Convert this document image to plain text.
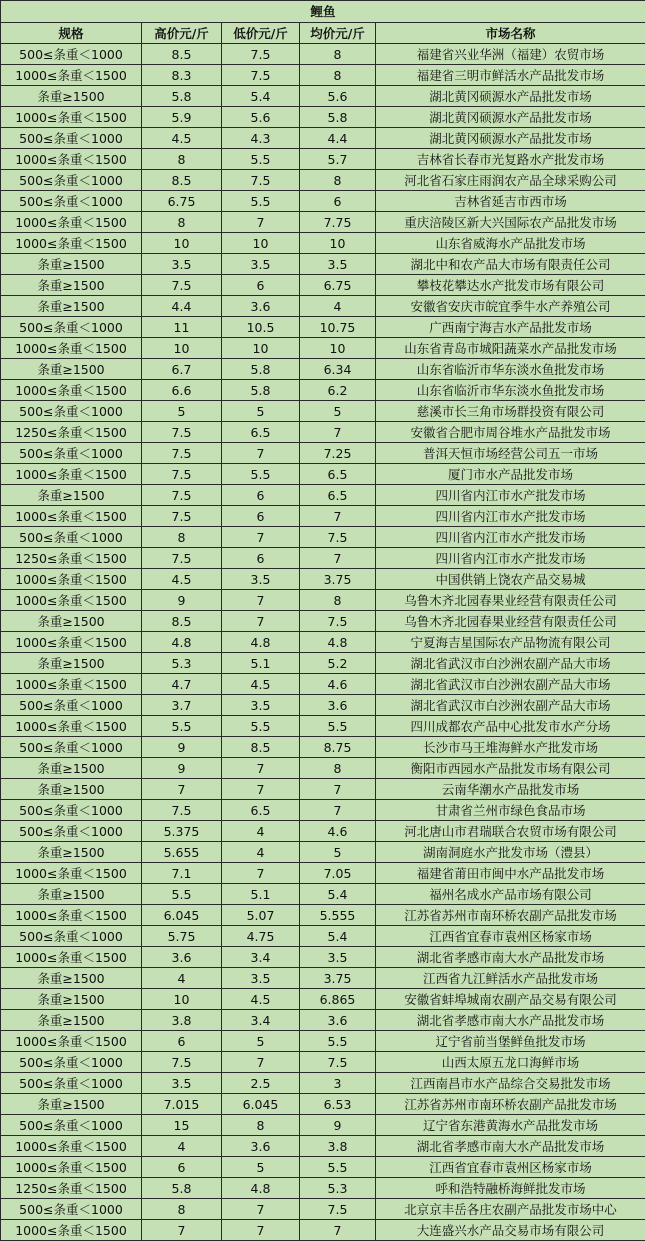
鲤鱼				
规格	高价元/斤	低价元/斤	均价元/斤	市场名称
500≤条重＜1000	8.5	7.5	8	福建省兴业华洲（福建）农贸市场
1000≤条重＜1500	8.3	7.5	8	福建省三明市鲜活水产品批发市场
条重≥1500	5.8	5.4	5.6	湖北黄冈硕源水产品批发市场
1000≤条重＜1500	5.9	5.6	5.8	湖北黄冈硕源水产品批发市场
500≤条重＜1000	4.5	4.3	4.4	湖北黄冈硕源水产品批发市场
1000≤条重＜1500	8	5.5	5.7	吉林省长春市光复路水产批发市场
500≤条重＜1000	8.5	7.5	8	河北省石家庄雨润农产品全球采购公司
500≤条重＜1000	6.75	5.5	6	吉林省延吉市西市场
1000≤条重＜1500	8	7	7.75	重庆涪陵区新大兴国际农产品批发市场
1000≤条重＜1500	10	10	10	山东省威海水产品批发市场
条重≥1500	3.5	3.5	3.5	湖北中和农产品大市场有限责任公司
条重≥1500	7.5	6	6.75	攀枝花攀达水产批发市场有限公司
条重≥1500	4.4	3.6	4	安徽省安庆市皖宜季牛水产养殖公司
500≤条重＜1000	11	10.5	10.75	广西南宁海吉水产品批发市场
1000≤条重＜1500	10	10	10	山东省青岛市城阳蔬菜水产品批发市场
条重≥1500	6.7	5.8	6.34	山东省临沂市华东淡水鱼批发市场
1000≤条重＜1500	6.6	5.8	6.2	山东省临沂市华东淡水鱼批发市场
500≤条重＜1000	5	5	5	慈溪市长三角市场群投资有限公司
1250≤条重＜1500	7.5	6.5	7	安徽省合肥市周谷堆水产品批发市场
500≤条重＜1000	7.5	7	7.25	普洱天恒市场经营公司五一市场
1000≤条重＜1500	7.5	5.5	6.5	厦门市水产品批发市场
条重≥1500	7.5	6	6.5	四川省内江市水产批发市场
1000≤条重＜1500	7.5	6	7	四川省内江市水产批发市场
500≤条重＜1000	8	7	7.5	四川省内江市水产批发市场
1250≤条重＜1500	7.5	6	7	四川省内江市水产批发市场
1000≤条重＜1500	4.5	3.5	3.75	中国供销上饶农产品交易城
1000≤条重＜1500	9	7	8	乌鲁木齐北园春果业经营有限责任公司
条重≥1500	8.5	7	7.5	乌鲁木齐北园春果业经营有限责任公司
1000≤条重＜1500	4.8	4.8	4.8	宁夏海吉星国际农产品物流有限公司
条重≥1500	5.3	5.1	5.2	湖北省武汉市白沙洲农副产品大市场
1000≤条重＜1500	4.7	4.5	4.6	湖北省武汉市白沙洲农副产品大市场
500≤条重＜1000	3.7	3.5	3.6	湖北省武汉市白沙洲农副产品大市场
1000≤条重＜1500	5.5	5.5	5.5	四川成都农产品中心批发市水产分场
500≤条重＜1000	9	8.5	8.75	长沙市马王堆海鲜水产批发市场
条重≥1500	9	7	8	衡阳市西园水产品批发市场有限公司
条重≥1500	7	7	7	云南华潮水产品批发市场
500≤条重＜1000	7.5	6.5	7	甘肃省兰州市绿色食品市场
500≤条重＜1000	5.375	4	4.6	河北唐山市君瑞联合农贸市场有限公司
条重≥1500	5.655	4	5	湖南洞庭水产批发市场（澧县）
1000≤条重＜1500	7.1	7	7.05	福建省莆田市闽中水产品批发市场
条重≥1500	5.5	5.1	5.4	福州名成水产品市场有限公司
1000≤条重＜1500	6.045	5.07	5.555	江苏省苏州市南环桥农副产品批发市场
500≤条重＜1000	5.75	4.75	5.4	江西省宜春市袁州区杨家市场
1000≤条重＜1500	3.6	3.4	3.5	湖北省孝感市南大水产品批发市场
条重≥1500	4	3.5	3.75	江西省九江鲜活水产品批发市场
条重≥1500	10	4.5	6.865	安徽省蚌埠城南农副产品交易有限公司
条重≥1500	3.8	3.4	3.6	湖北省孝感市南大水产品批发市场
1000≤条重＜1500	6	5	5.5	辽宁省前当堡鲜鱼批发市场
500≤条重＜1000	7.5	7	7.5	山西太原五龙口海鲜市场
500≤条重＜1000	3.5	2.5	3	江西南昌市水产品综合交易批发市场
条重≥1500	7.015	6.045	6.53	江苏省苏州市南环桥农副产品批发市场
500≤条重＜1000	15	8	9	辽宁省东港黄海水产品批发市场
1000≤条重＜1500	4	3.6	3.8	湖北省孝感市南大水产品批发市场
1000≤条重＜1500	6	5	5.5	江西省宜春市袁州区杨家市场
1250≤条重＜1500	5.8	4.8	5.3	呼和浩特融桥海鲜批发市场
500≤条重＜1000	8	7	7.5	北京京丰岳各庄农副产品批发市场中心
1000≤条重＜1500	7	7	7	大连盛兴水产品交易市场有限公司
